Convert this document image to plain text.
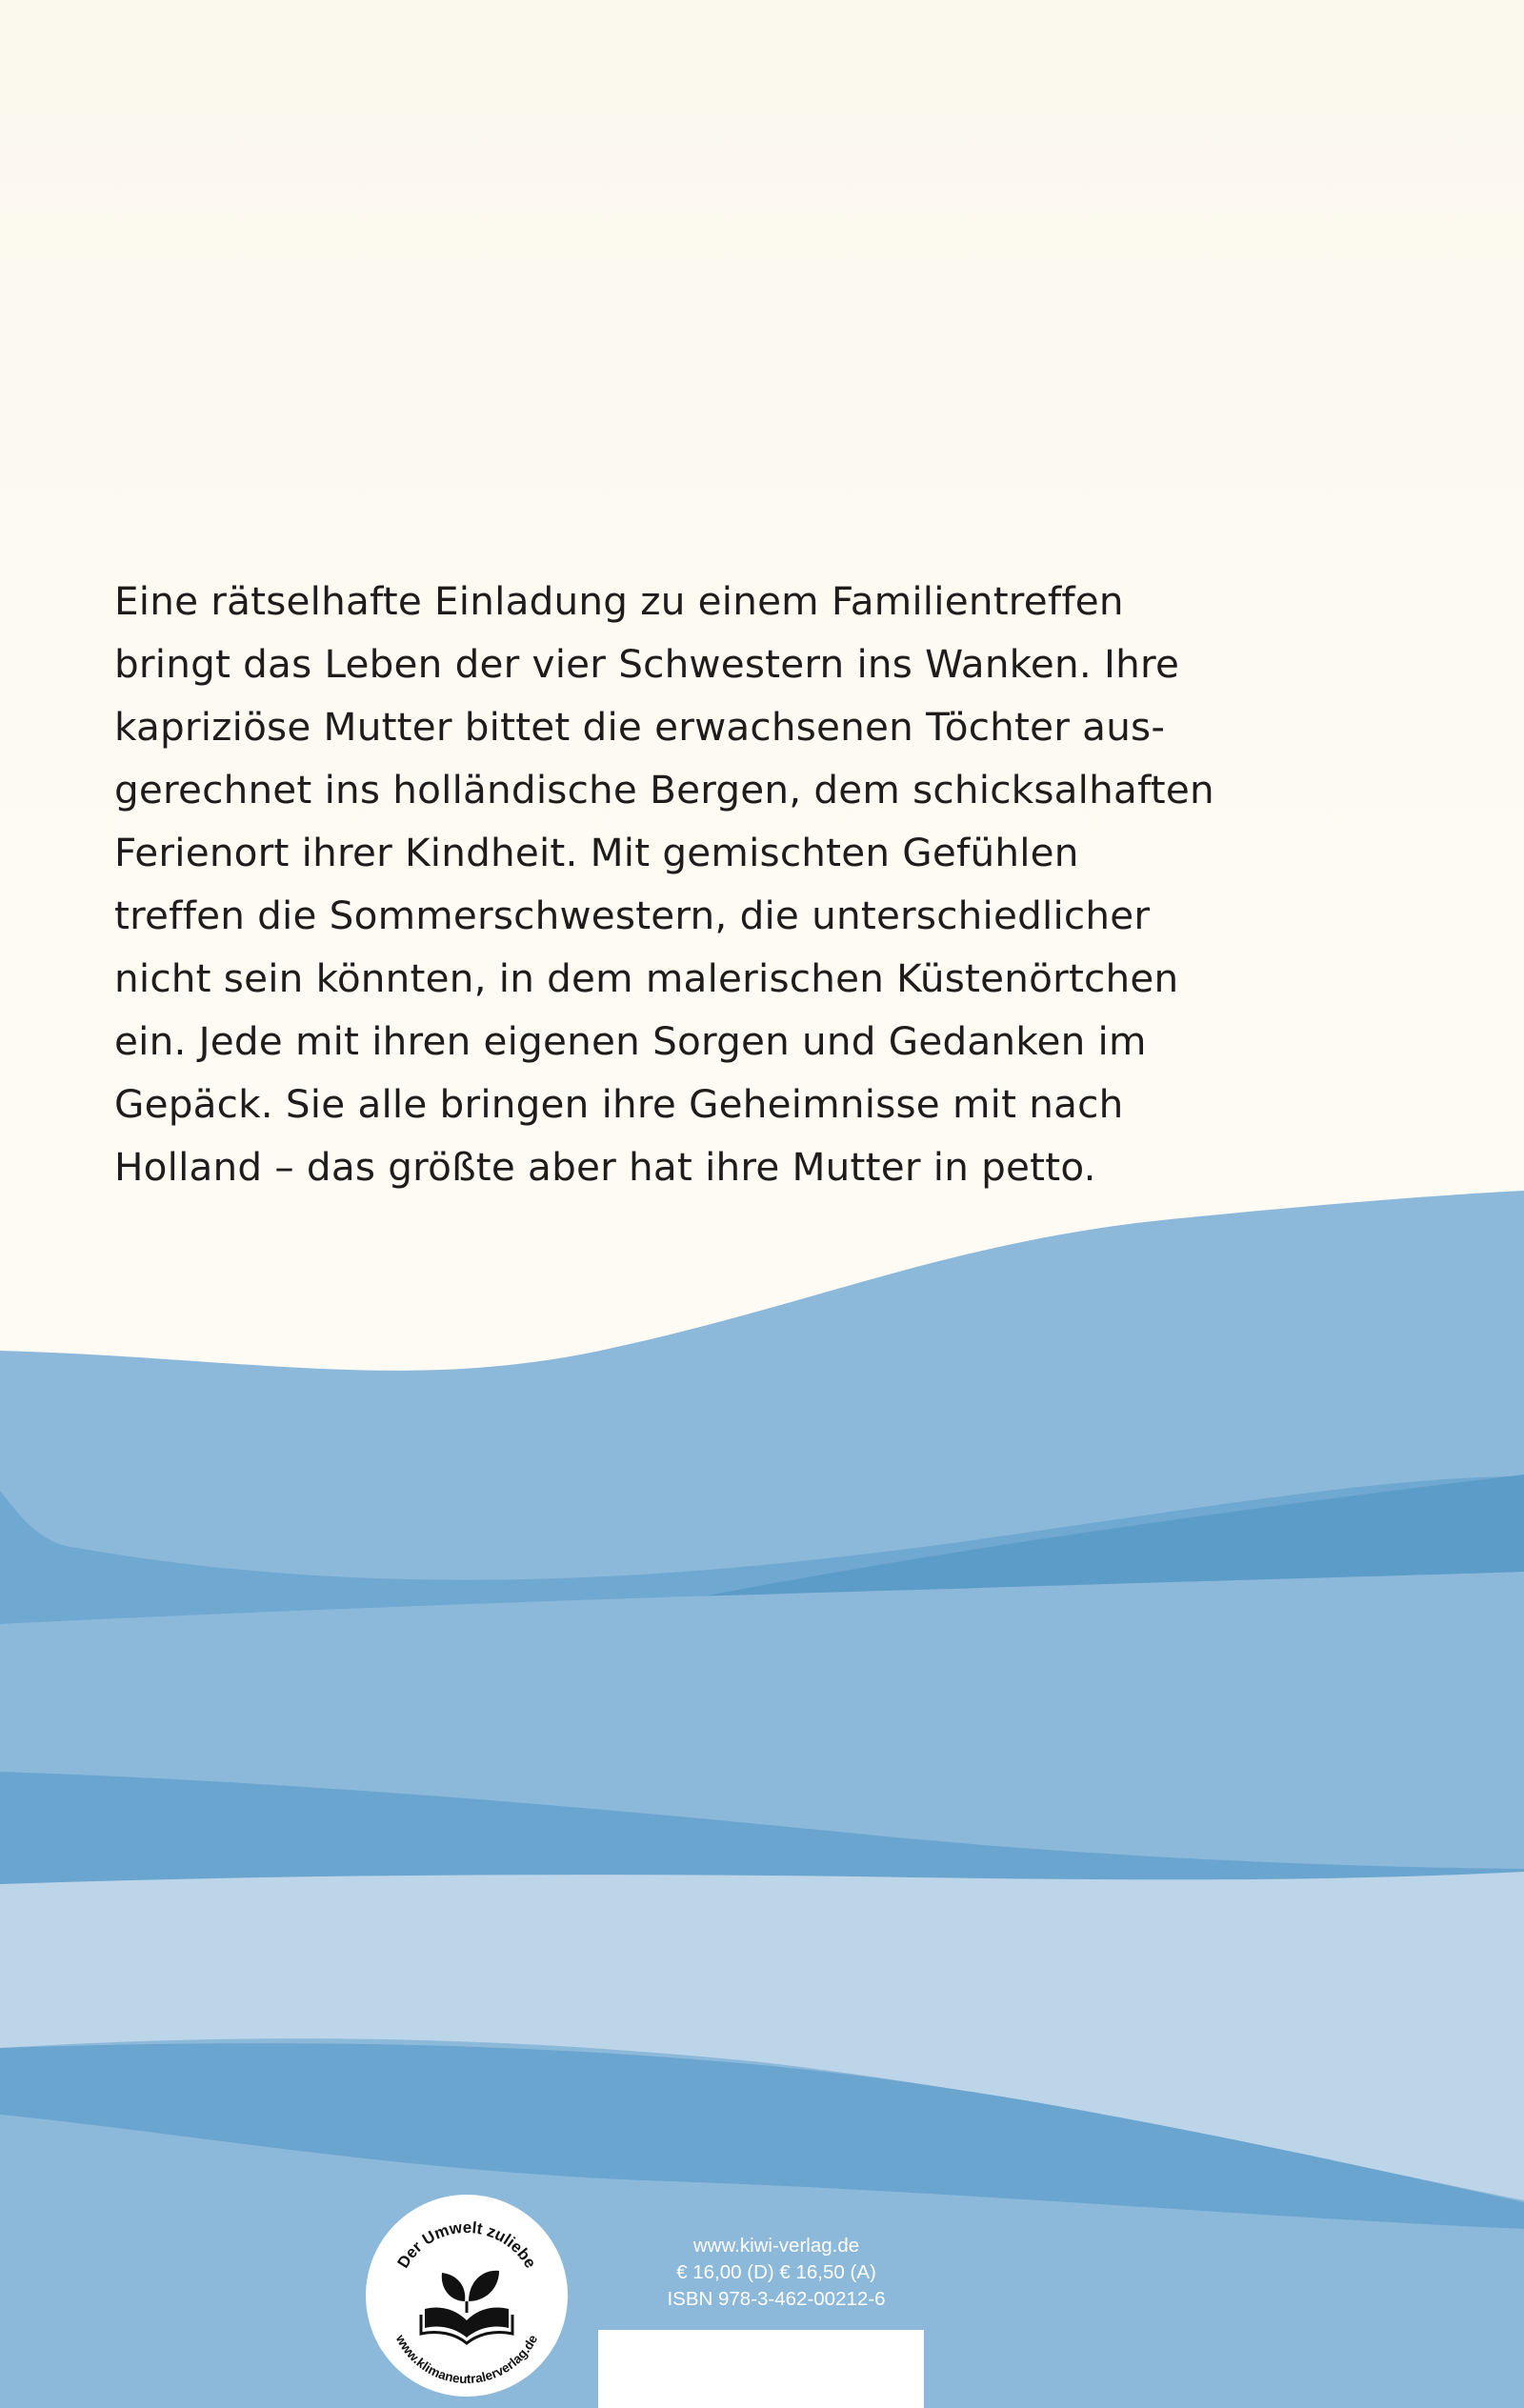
Eine rätselhafte Einladung zu einem Familientreffen
bringt das Leben der vier Schwestern ins Wanken. Ihre
kapriziöse Mutter bittet die erwachsenen Töchter aus-
gerechnet ins holländische Bergen, dem schicksalhaften
Ferienort ihrer Kindheit. Mit gemischten Gefühlen
treffen die Sommerschwestern, die unterschiedlicher
nicht sein könnten, in dem malerischen Küstenörtchen
ein. Jede mit ihren eigenen Sorgen und Gedanken im
Gepäck. Sie alle bringen ihre Geheimnisse mit nach
Holland – das größte aber hat ihre Mutter in petto.

Der Umwelt zuliebe
www.klimaneutralerverlag.de
www.kiwi-verlag.de
€ 16,00 (D) € 16,50 (A)
ISBN 978-3-462-00212-6
